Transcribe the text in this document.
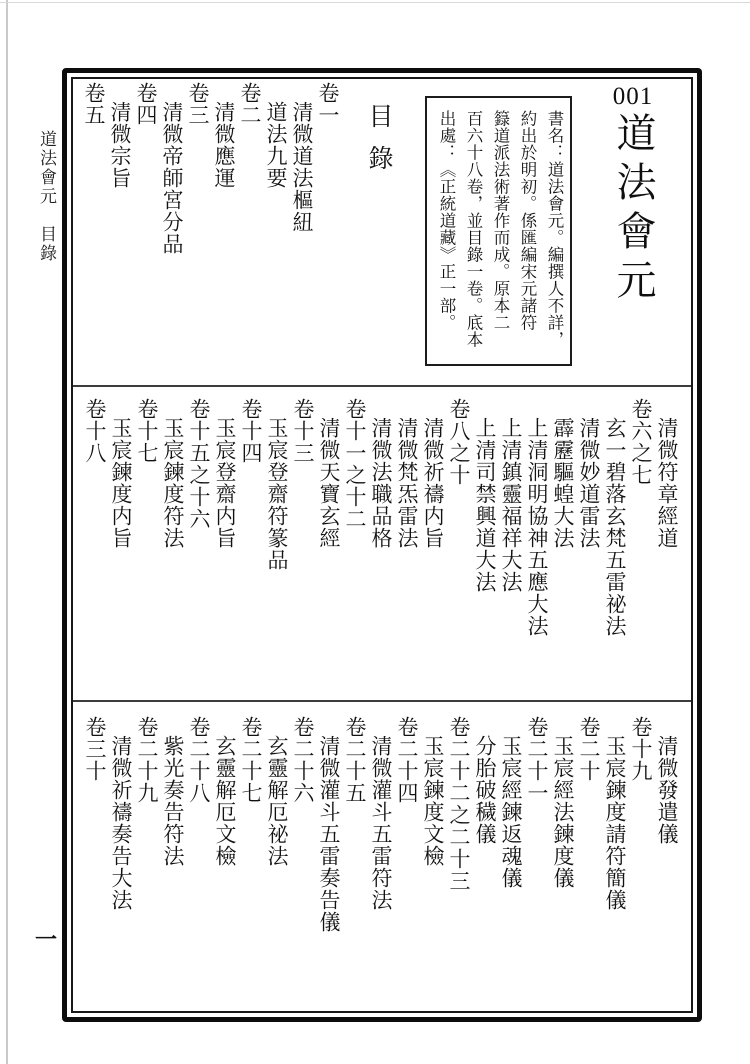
道法會元　目錄
一
001
道法會元
書名：道法會元。編撰人不詳，
約出於明初。係匯編宋元諸符
籙道派法術著作而成。原本二
百六十八卷，並目錄一卷。底本
出處：《正統道藏》正一部。
目錄
卷一
清微道法樞紐
道法九要
卷二
清微應運
卷三
清微帝師宮分品
卷四
清微宗旨
卷五
清微符章經道
卷六之七
玄一碧落玄梵五雷祕法
清微妙道雷法
霹靂驅蝗大法
上清洞明協神五應大法
上清鎮靈福祥大法
上清司禁興道大法
卷八之十
清微祈禱内旨
清微梵炁雷法
清微法職品格
卷十一之十二
清微天寶玄經
卷十三
玉宸登齋符篆品
卷十四
玉宸登齋内旨
卷十五之十六
玉宸鍊度符法
卷十七
玉宸鍊度内旨
卷十八
清微發遣儀
卷十九
玉宸鍊度請符簡儀
卷二十
玉宸經法鍊度儀
卷二十一
玉宸經鍊返魂儀
分胎破穢儀
卷二十二之二十三
玉宸鍊度文檢
卷二十四
清微灌斗五雷符法
卷二十五
清微灌斗五雷奏告儀
卷二十六
玄靈解厄祕法
卷二十七
玄靈解厄文檢
卷二十八
紫光奏告符法
卷二十九
清微祈禱奏告大法
卷三十
